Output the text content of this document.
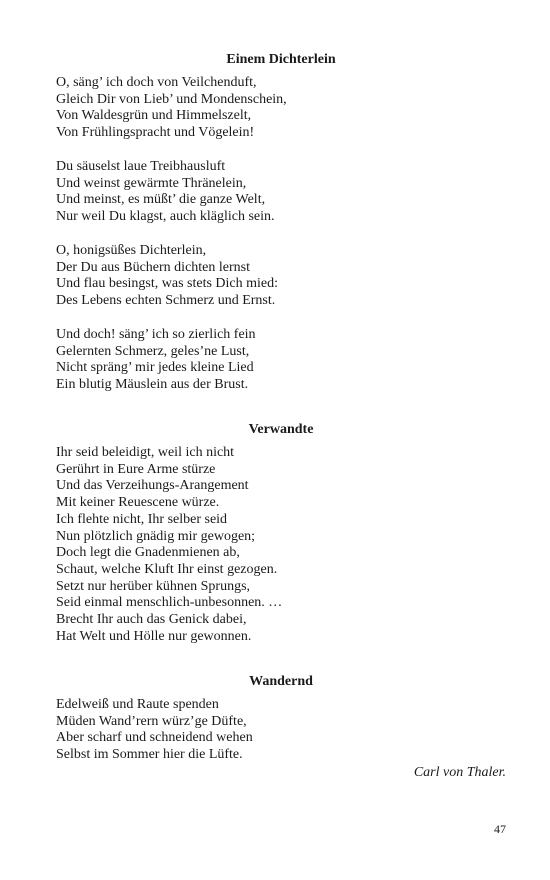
Einem Dichterlein
O, säng’ ich doch von Veilchenduft,
Gleich Dir von Lieb’ und Mondenschein,
Von Waldesgrün und Himmelszelt,
Von Frühlingspracht und Vögelein!
Du säuselst laue Treibhausluft
Und weinst gewärmte Thränelein,
Und meinst, es müßt’ die ganze Welt,
Nur weil Du klagst, auch kläglich sein.
O, honigsüßes Dichterlein,
Der Du aus Büchern dichten lernst
Und flau besingst, was stets Dich mied:
Des Lebens echten Schmerz und Ernst.
Und doch! säng’ ich so zierlich fein
Gelernten Schmerz, geles’ne Lust,
Nicht spräng’ mir jedes kleine Lied
Ein blutig Mäuslein aus der Brust.
Verwandte
Ihr seid beleidigt, weil ich nicht
Gerührt in Eure Arme stürze
Und das Verzeihungs-Arangement
Mit keiner Reuescene würze.
Ich flehte nicht, Ihr selber seid
Nun plötzlich gnädig mir gewogen;
Doch legt die Gnadenmienen ab,
Schaut, welche Kluft Ihr einst gezogen.
Setzt nur herüber kühnen Sprungs,
Seid einmal menschlich-unbesonnen. …
Brecht Ihr auch das Genick dabei,
Hat Welt und Hölle nur gewonnen.
Wandernd
Edelweiß und Raute spenden
Müden Wand’rern würz’ge Düfte,
Aber scharf und schneidend wehen
Selbst im Sommer hier die Lüfte.

Carl von Thaler.

47
